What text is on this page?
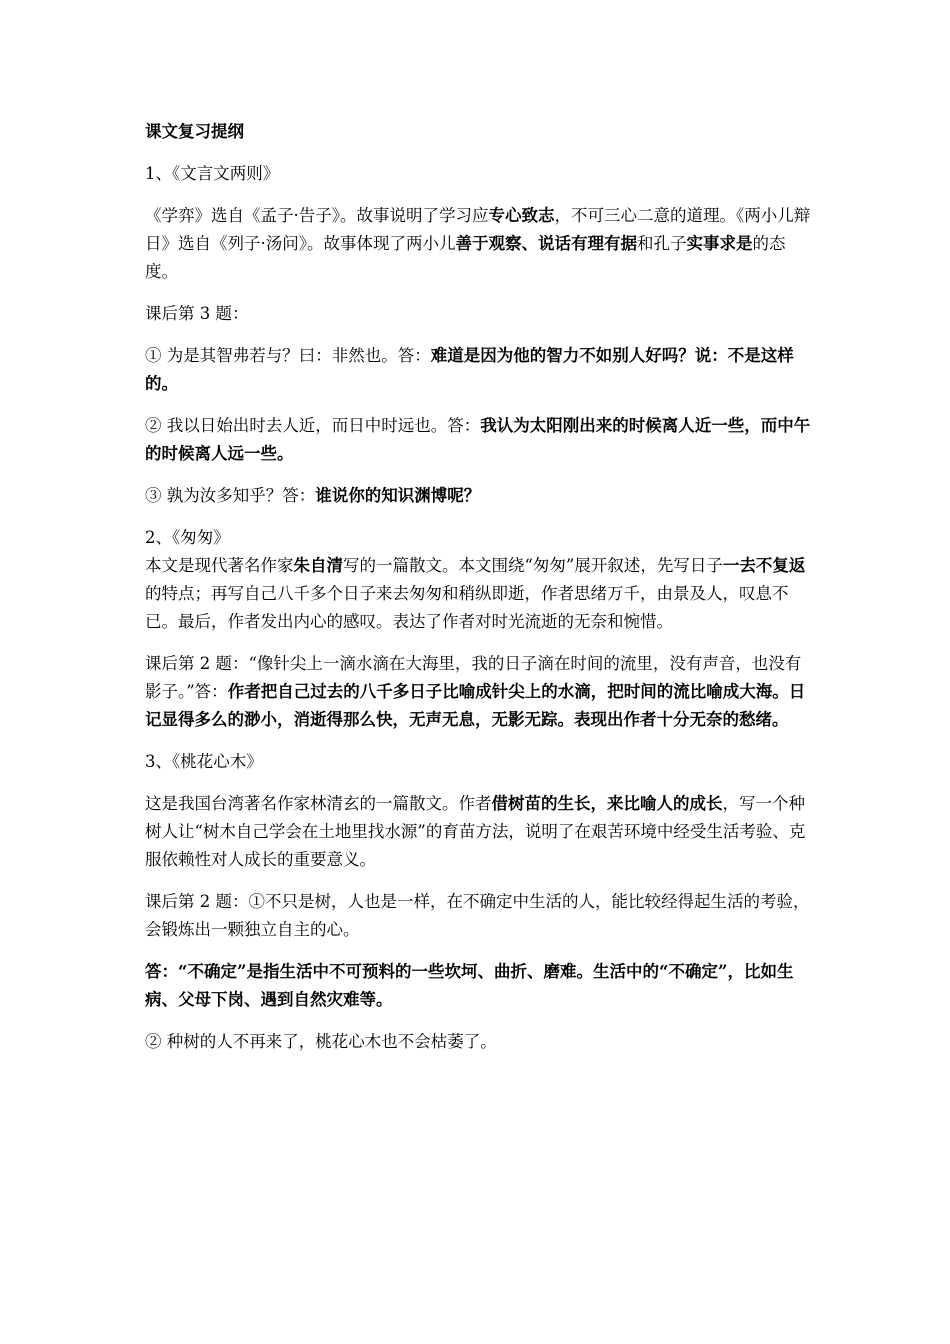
课文复习提纲

1、《文言文两则》

《学弈》选自《孟子·告子》。故事说明了学习应专心致志，不可三心二意的道理。《两小儿辩日》选自《列子·汤问》。故事体现了两小儿善于观察、说话有理有据和孔子实事求是的态度。

课后第 3 题：

① 为是其智弗若与？曰：非然也。答：难道是因为他的智力不如别人好吗？说：不是这样的。

② 我以日始出时去人近，而日中时远也。答：我认为太阳刚出来的时候离人近一些，而中午的时候离人远一些。

③ 孰为汝多知乎？答：谁说你的知识渊博呢？

2、《匆匆》

本文是现代著名作家朱自清写的一篇散文。本文围绕“匆匆”展开叙述，先写日子一去不复返的特点；再写自己八千多个日子来去匆匆和稍纵即逝，作者思绪万千，由景及人，叹息不已。最后，作者发出内心的感叹。表达了作者对时光流逝的无奈和惋惜。

课后第 2 题：“像针尖上一滴水滴在大海里，我的日子滴在时间的流里，没有声音，也没有影子。”答：作者把自己过去的八千多日子比喻成针尖上的水滴，把时间的流比喻成大海。日记显得多么的渺小，消逝得那么快，无声无息，无影无踪。表现出作者十分无奈的愁绪。

3、《桃花心木》

这是我国台湾著名作家林清玄的一篇散文。作者借树苗的生长，来比喻人的成长，写一个种树人让“树木自己学会在土地里找水源”的育苗方法，说明了在艰苦环境中经受生活考验、克服依赖性对人成长的重要意义。

课后第 2 题：①不只是树，人也是一样，在不确定中生活的人，能比较经得起生活的考验，会锻炼出一颗独立自主的心。

答：“不确定”是指生活中不可预料的一些坎坷、曲折、磨难。生活中的“不确定”，比如生病、父母下岗、遇到自然灾难等。

② 种树的人不再来了，桃花心木也不会枯萎了。
